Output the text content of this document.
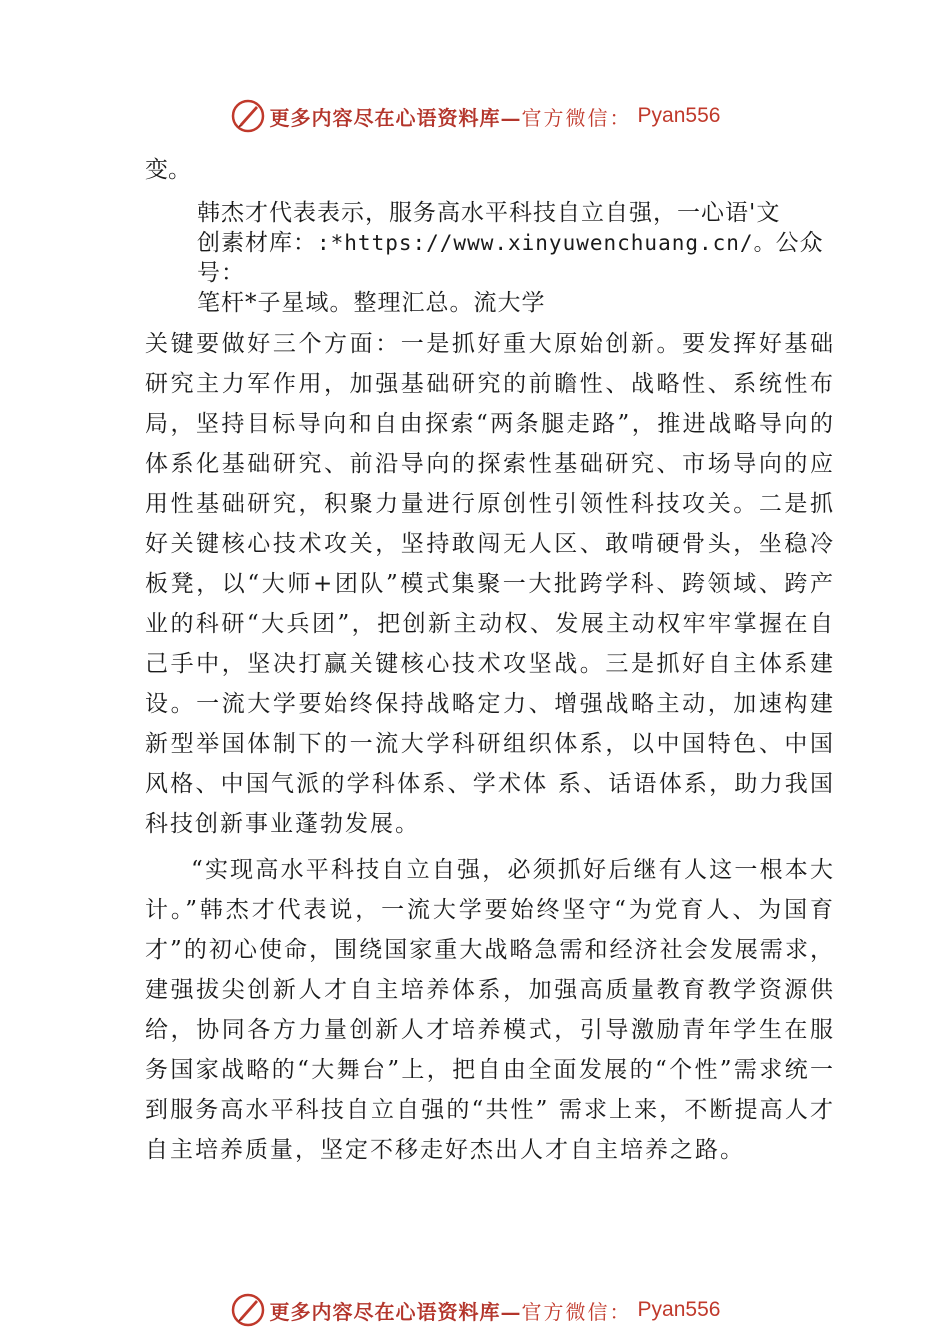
更多内容尽在心语资料库— 官方微信： Pyan556

变。

韩杰才代表表示，服务高水平科技自立自强，一心语'文
创素材库：:*https://www.xinyuwenchuang.cn/。公众号：
笔杆*子星域。整理汇总。流大学

关键要做好三个方面：一是抓好重大原始创新。要发挥好基础研究主力军作用，加强基础研究的前瞻性、战略性、系统性布局，坚持目标导向和自由探索“两条腿走路”，推进战略导向的体系化基础研究、前沿导向的探索性基础研究、市场导向的应用性基础研究，积聚力量进行原创性引领性科技攻关。二是抓好关键核心技术攻关，坚持敢闯无人区、敢啃硬骨头，坐稳冷板凳，以“大师+团队”模式集聚一大批跨学科、跨领域、跨产业的科研“大兵团”，把创新主动权、发展主动权牢牢掌握在自己手中，坚决打赢关键核心技术攻坚战。三是抓好自主体系建设。一流大学要始终保持战略定力、增强战略主动，加速构建新型举国体制下的一流大学科研组织体系，以中国特色、中国风格、中国气派的学科体系、学术体 系、话语体系，助力我国科技创新事业蓬勃发展。

“实现高水平科技自立自强，必须抓好后继有人这一根本大计。”韩杰才代表说，一流大学要始终坚守“为党育人、为国育才”的初心使命，围绕国家重大战略急需和经济社会发展需求，建强拔尖创新人才自主培养体系，加强高质量教育教学资源供给，协同各方力量创新人才培养模式，引导激励青年学生在服务国家战略的“大舞台”上，把自由全面发展的“个性”需求统一到服务高水平科技自立自强的“共性” 需求上来，不断提高人才自主培养质量，坚定不移走好杰出人才自主培养之路。

更多内容尽在心语资料库— 官方微信： Pyan556
